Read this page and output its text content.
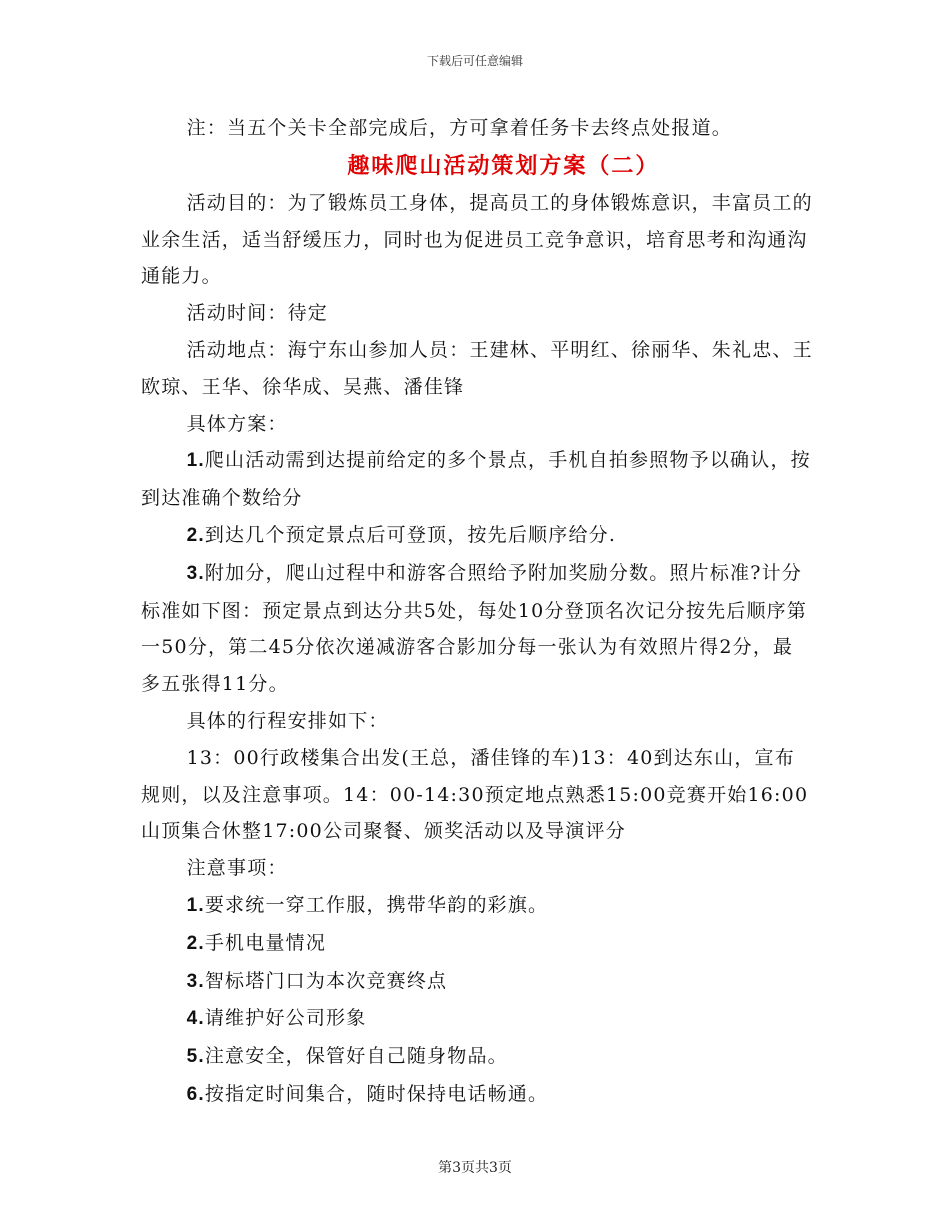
下载后可任意编辑

注：当五个关卡全部完成后，方可拿着任务卡去终点处报道。

趣味爬山活动策划方案（二）

活动目的：为了锻炼员工身体，提高员工的身体锻炼意识，丰富员工的业余生活，适当舒缓压力，同时也为促进员工竞争意识，培育思考和沟通沟通能力。

活动时间：待定

活动地点：海宁东山参加人员：王建林、平明红、徐丽华、朱礼忠、王欧琼、王华、徐华成、吴燕、潘佳锋

具体方案：

1.爬山活动需到达提前给定的多个景点，手机自拍参照物予以确认，按到达准确个数给分

2.到达几个预定景点后可登顶，按先后顺序给分.

3.附加分，爬山过程中和游客合照给予附加奖励分数。照片标准?计分标准如下图：预定景点到达分共5处，每处10分登顶名次记分按先后顺序第一50分，第二45分依次递减游客合影加分每一张认为有效照片得2分，最多五张得11分。

具体的行程安排如下：

13：00行政楼集合出发(王总，潘佳锋的车)13：40到达东山，宣布规则，以及注意事项。14：00-14:30预定地点熟悉15:00竞赛开始16:00山顶集合休整17:00公司聚餐、颁奖活动以及导演评分

注意事项：

1.要求统一穿工作服，携带华韵的彩旗。

2.手机电量情况

3.智标塔门口为本次竞赛终点

4.请维护好公司形象

5.注意安全，保管好自己随身物品。

6.按指定时间集合，随时保持电话畅通。

第3页共3页
